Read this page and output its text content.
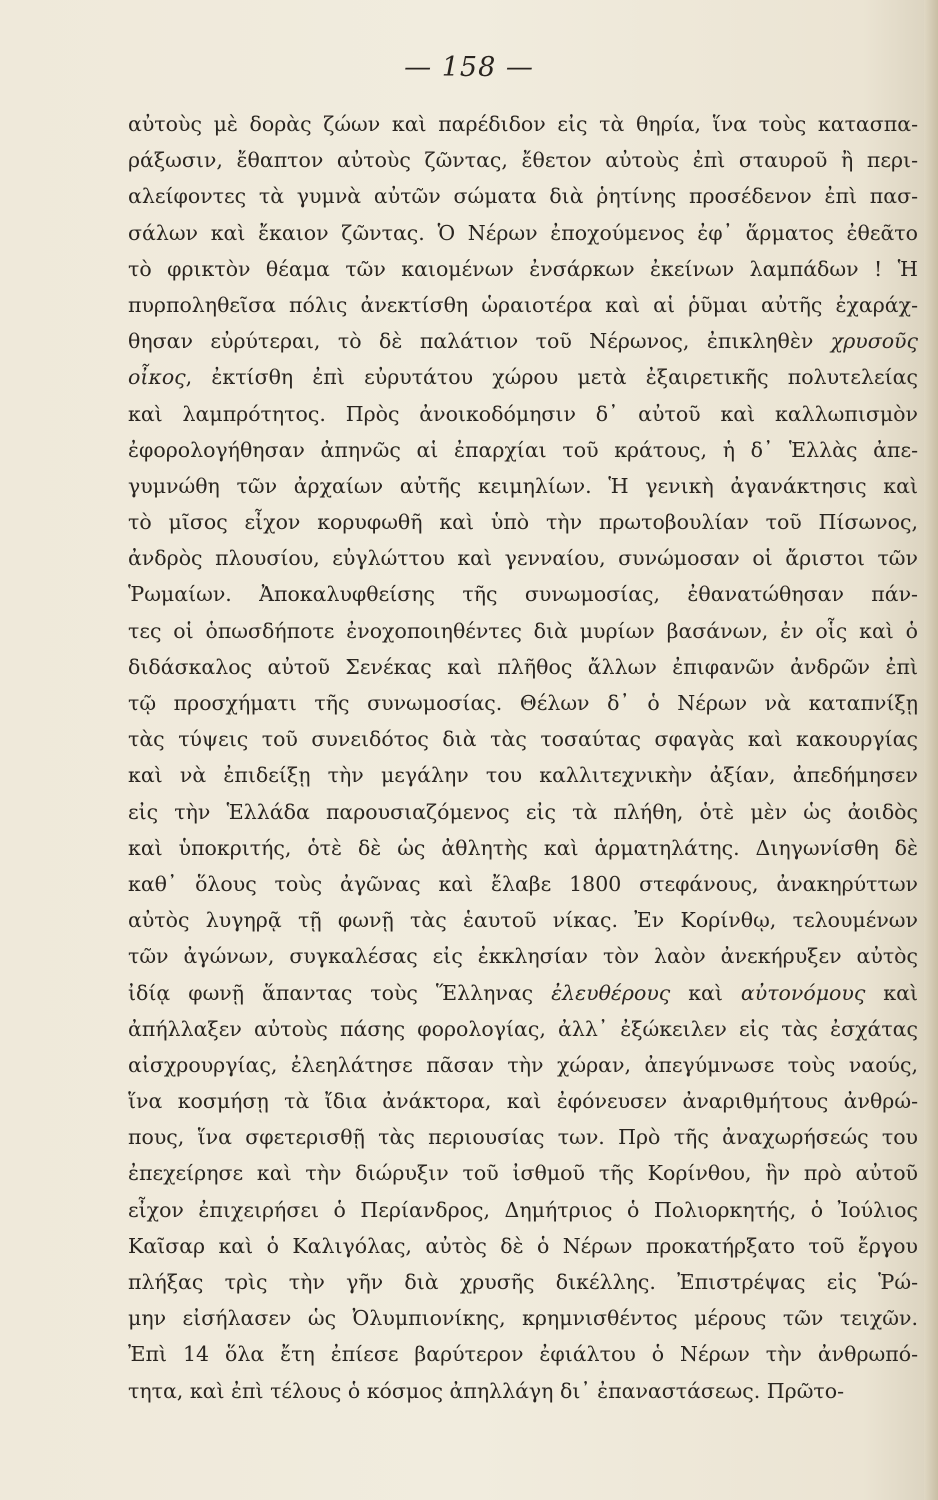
— 158 —
αὐτοὺς μὲ δορὰς ζώων καὶ παρέδιδον εἰς τὰ θηρία, ἵνα τοὺς κατασπα-
ράξωσιν, ἔθαπτον αὐτοὺς ζῶντας, ἔθετον αὐτοὺς ἐπὶ σταυροῦ ἢ περι-
αλείφοντες τὰ γυμνὰ αὐτῶν σώματα διὰ ῥητίνης προσέδενον ἐπὶ πασ-
σάλων καὶ ἔκαιον ζῶντας. Ὁ Νέρων ἐποχούμενος ἐφ᾽ ἅρματος ἐθεᾶτο
τὸ φρικτὸν θέαμα τῶν καιομένων ἐνσάρκων ἐκείνων λαμπάδων ! Ἡ
πυρποληθεῖσα πόλις ἀνεκτίσθη ὡραιοτέρα καὶ αἱ ῥῦμαι αὐτῆς ἐχαράχ-
θησαν εὐρύτεραι, τὸ δὲ παλάτιον τοῦ Νέρωνος, ἐπικληθὲν χρυσοῦς
οἶκος, ἐκτίσθη ἐπὶ εὐρυτάτου χώρου μετὰ ἐξαιρετικῆς πολυτελείας
καὶ λαμπρότητος. Πρὸς ἀνοικοδόμησιν δ᾽ αὐτοῦ καὶ καλλωπισμὸν
ἐφορολογήθησαν ἀπηνῶς αἱ ἐπαρχίαι τοῦ κράτους, ἡ δ᾽ Ἑλλὰς ἀπε-
γυμνώθη τῶν ἀρχαίων αὐτῆς κειμηλίων. Ἡ γενικὴ ἀγανάκτησις καὶ
τὸ μῖσος εἶχον κορυφωθῆ καὶ ὑπὸ τὴν πρωτοβουλίαν τοῦ Πίσωνος,
ἀνδρὸς πλουσίου, εὐγλώττου καὶ γενναίου, συνώμοσαν οἱ ἄριστοι τῶν
Ῥωμαίων. Ἀποκαλυφθείσης τῆς συνωμοσίας, ἐθανατώθησαν πάν-
τες οἱ ὁπωσδήποτε ἐνοχοποιηθέντες διὰ μυρίων βασάνων, ἐν οἷς καὶ ὁ
διδάσκαλος αὐτοῦ Σενέκας καὶ πλῆθος ἄλλων ἐπιφανῶν ἀνδρῶν ἐπὶ
τῷ προσχήματι τῆς συνωμοσίας. Θέλων δ᾽ ὁ Νέρων νὰ καταπνίξῃ
τὰς τύψεις τοῦ συνειδότος διὰ τὰς τοσαύτας σφαγὰς καὶ κακουργίας
καὶ νὰ ἐπιδείξῃ τὴν μεγάλην του καλλιτεχνικὴν ἀξίαν, ἀπεδήμησεν
εἰς τὴν Ἑλλάδα παρουσιαζόμενος εἰς τὰ πλήθη, ὁτὲ μὲν ὡς ἀοιδὸς
καὶ ὑποκριτής, ὁτὲ δὲ ὡς ἀθλητὴς καὶ ἁρματηλάτης. Διηγωνίσθη δὲ
καθ᾽ ὅλους τοὺς ἀγῶνας καὶ ἔλαβε 1800 στεφάνους, ἀνακηρύττων
αὐτὸς λυγηρᾷ τῇ φωνῇ τὰς ἑαυτοῦ νίκας. Ἐν Κορίνθῳ, τελουμένων
τῶν ἀγώνων, συγκαλέσας εἰς ἐκκλησίαν τὸν λαὸν ἀνεκήρυξεν αὐτὸς
ἰδίᾳ φωνῇ ἅπαντας τοὺς Ἕλληνας ἐλευθέρους καὶ αὐτονόμους καὶ
ἀπήλλαξεν αὐτοὺς πάσης φορολογίας, ἀλλ᾽ ἐξώκειλεν εἰς τὰς ἐσχάτας
αἰσχρουργίας, ἐλεηλάτησε πᾶσαν τὴν χώραν, ἀπεγύμνωσε τοὺς ναούς,
ἵνα κοσμήσῃ τὰ ἴδια ἀνάκτορα, καὶ ἐφόνευσεν ἀναριθμήτους ἀνθρώ-
πους, ἵνα σφετερισθῇ τὰς περιουσίας των. Πρὸ τῆς ἀναχωρήσεώς του
ἐπεχείρησε καὶ τὴν διώρυξιν τοῦ ἰσθμοῦ τῆς Κορίνθου, ἣν πρὸ αὐτοῦ
εἶχον ἐπιχειρήσει ὁ Περίανδρος, Δημήτριος ὁ Πολιορκητής, ὁ Ἰούλιος
Καῖσαρ καὶ ὁ Καλιγόλας, αὐτὸς δὲ ὁ Νέρων προκατήρξατο τοῦ ἔργου
πλήξας τρὶς τὴν γῆν διὰ χρυσῆς δικέλλης. Ἐπιστρέψας εἰς Ῥώ-
μην εἰσήλασεν ὡς Ὀλυμπιονίκης, κρημνισθέντος μέρους τῶν τειχῶν.
Ἐπὶ 14 ὅλα ἔτη ἐπίεσε βαρύτερον ἐφιάλτου ὁ Νέρων τὴν ἀνθρωπό-
τητα, καὶ ἐπὶ τέλους ὁ κόσμος ἀπηλλάγη δι᾽ ἐπαναστάσεως. Πρῶτο-
